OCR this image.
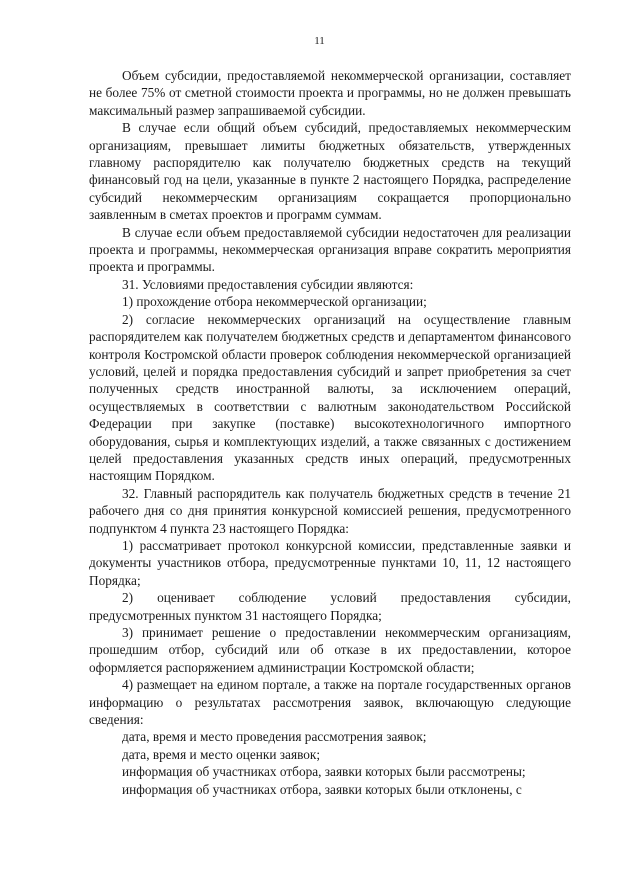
11

Объем субсидии, предоставляемой некоммерческой организации, составляет не более 75% от сметной стоимости проекта и программы, но не должен превышать максимальный размер запрашиваемой субсидии.

В случае если общий объем субсидий, предоставляемых некоммерческим организациям, превышает лимиты бюджетных обязательств, утвержденных главному распорядителю как получателю бюджетных средств на текущий финансовый год на цели, указанные в пункте 2 настоящего Порядка, распределение субсидий некоммерческим организациям сокращается пропорционально заявленным в сметах проектов и программ суммам.

В случае если объем предоставляемой субсидии недостаточен для реализации проекта и программы, некоммерческая организация вправе сократить мероприятия проекта и программы.

31. Условиями предоставления субсидии являются:

1) прохождение отбора некоммерческой организации;

2) согласие некоммерческих организаций на осуществление главным распорядителем как получателем бюджетных средств и департаментом финансового контроля Костромской области проверок соблюдения некоммерческой организацией условий, целей и порядка предоставления субсидий и запрет приобретения за счет полученных средств иностранной валюты, за исключением операций, осуществляемых в соответствии с валютным законодательством Российской Федерации при закупке (поставке) высокотехнологичного импортного оборудования, сырья и комплектующих изделий, а также связанных с достижением целей предоставления указанных средств иных операций, предусмотренных настоящим Порядком.

32. Главный распорядитель как получатель бюджетных средств в течение 21 рабочего дня со дня принятия конкурсной комиссией решения, предусмотренного подпунктом 4 пункта 23 настоящего Порядка:

1) рассматривает протокол конкурсной комиссии, представленные заявки и документы участников отбора, предусмотренные пунктами 10, 11, 12 настоящего Порядка;

2) оценивает соблюдение условий предоставления субсидии, предусмотренных пунктом 31 настоящего Порядка;

3) принимает решение о предоставлении некоммерческим организациям, прошедшим отбор, субсидий или об отказе в их предоставлении, которое оформляется распоряжением администрации Костромской области;

4) размещает на едином портале, а также на портале государственных органов информацию о результатах рассмотрения заявок, включающую следующие сведения:

дата, время и место проведения рассмотрения заявок;

дата, время и место оценки заявок;

информация об участниках отбора, заявки которых были рассмотрены;

информация об участниках отбора, заявки которых были отклонены, с
